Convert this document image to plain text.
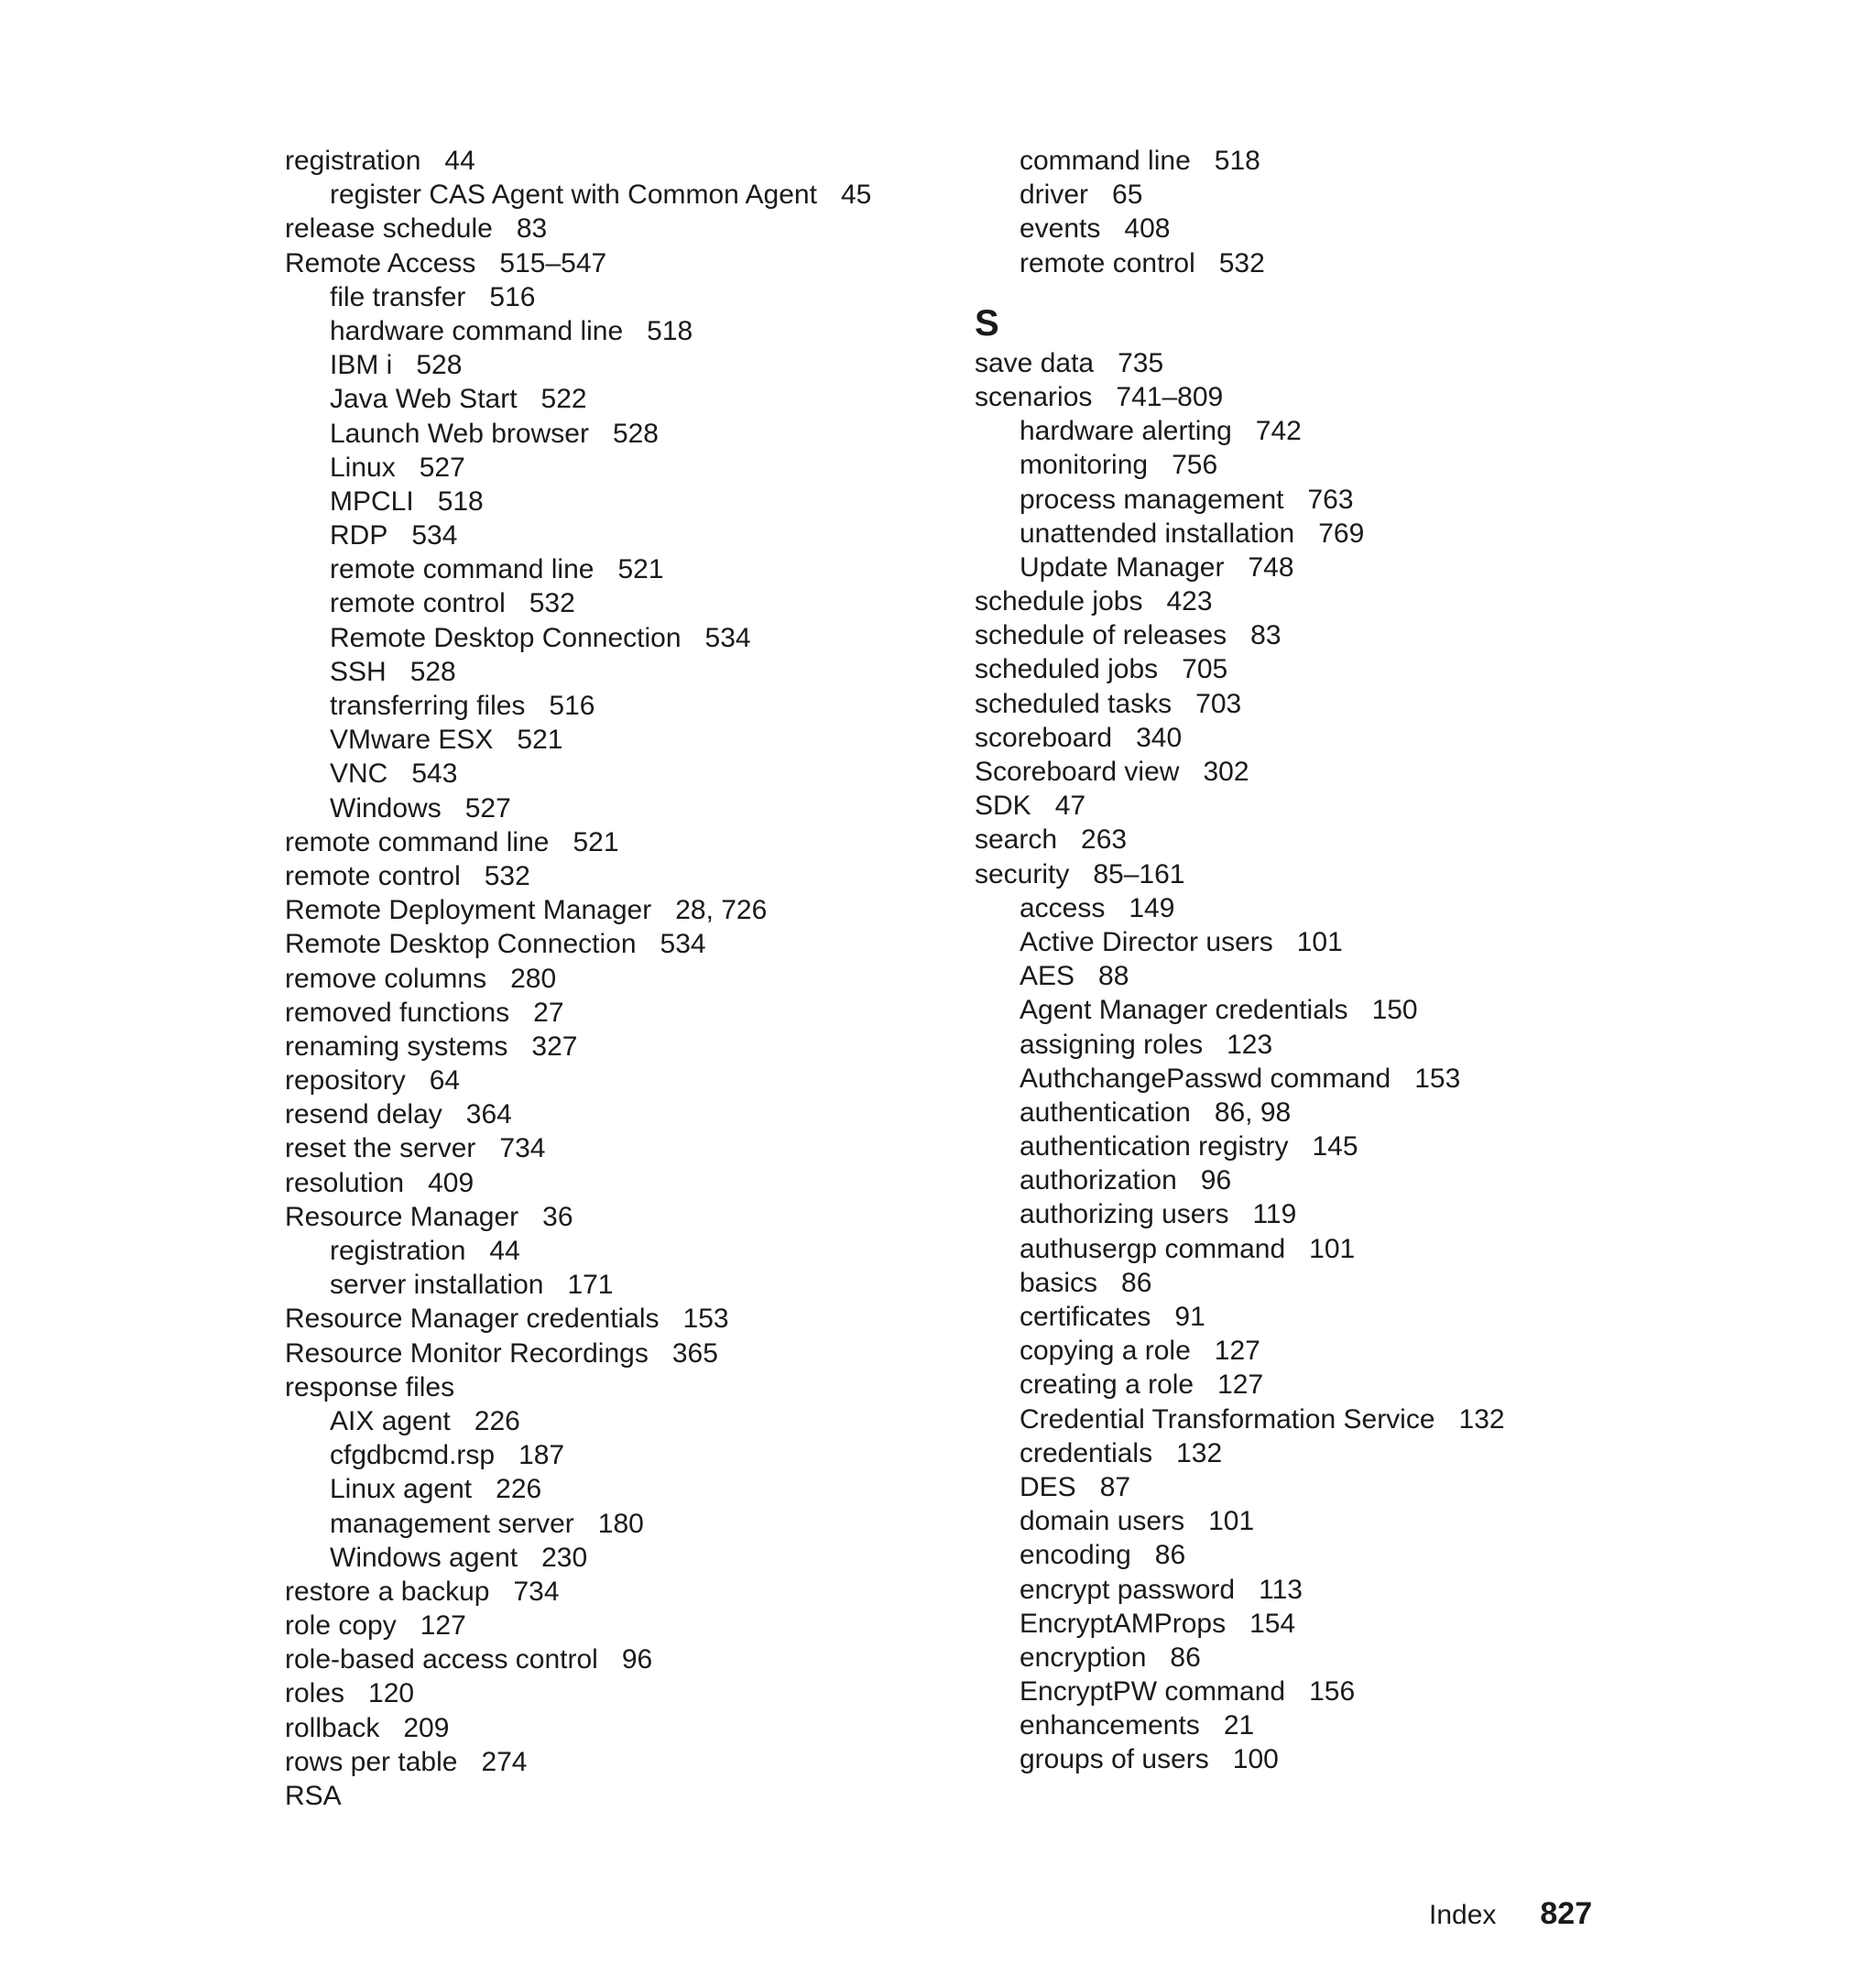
registration 44
register CAS Agent with Common Agent 45
release schedule 83
Remote Access 515–547
file transfer 516
hardware command line 518
IBM i 528
Java Web Start 522
Launch Web browser 528
Linux 527
MPCLI 518
RDP 534
remote command line 521
remote control 532
Remote Desktop Connection 534
SSH 528
transferring files 516
VMware ESX 521
VNC 543
Windows 527
remote command line 521
remote control 532
Remote Deployment Manager 28, 726
Remote Desktop Connection 534
remove columns 280
removed functions 27
renaming systems 327
repository 64
resend delay 364
reset the server 734
resolution 409
Resource Manager 36
registration 44
server installation 171
Resource Manager credentials 153
Resource Monitor Recordings 365
response files
AIX agent 226
cfgdbcmd.rsp 187
Linux agent 226
management server 180
Windows agent 230
restore a backup 734
role copy 127
role-based access control 96
roles 120
rollback 209
rows per table 274
RSA
command line 518
driver 65
events 408
remote control 532
S
save data 735
scenarios 741–809
hardware alerting 742
monitoring 756
process management 763
unattended installation 769
Update Manager 748
schedule jobs 423
schedule of releases 83
scheduled jobs 705
scheduled tasks 703
scoreboard 340
Scoreboard view 302
SDK 47
search 263
security 85–161
access 149
Active Director users 101
AES 88
Agent Manager credentials 150
assigning roles 123
AuthchangePasswd command 153
authentication 86, 98
authentication registry 145
authorization 96
authorizing users 119
authusergp command 101
basics 86
certificates 91
copying a role 127
creating a role 127
Credential Transformation Service 132
credentials 132
DES 87
domain users 101
encoding 86
encrypt password 113
EncryptAMProps 154
encryption 86
EncryptPW command 156
enhancements 21
groups of users 100
Index 827
